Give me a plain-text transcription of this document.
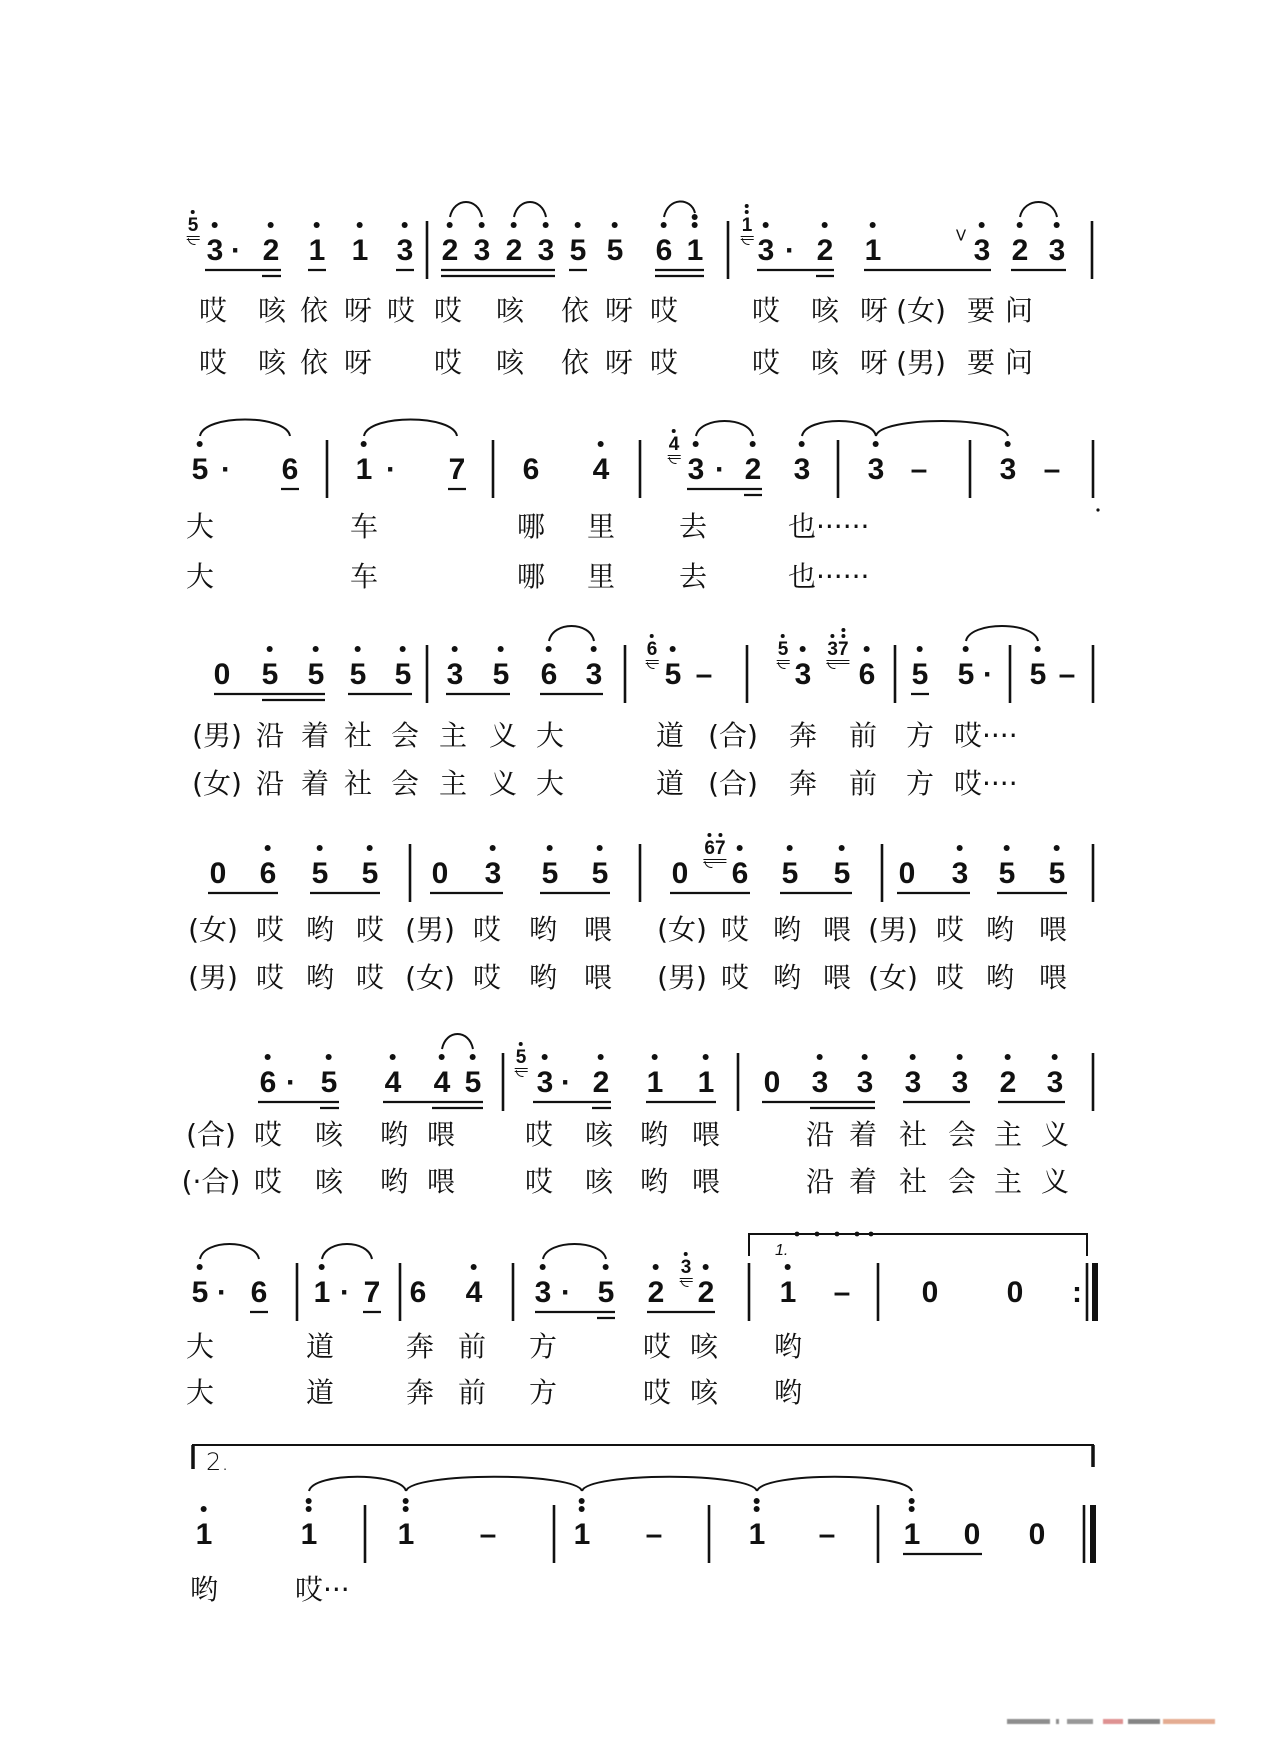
5
3 · 2 1 1 3 2 3 2 3 5 5 6 1
1
3 · 2 1	V 3 2 3
哎 咳 依 呀 哎 哎 咳 依 呀 哎	哎 咳 呀 (女) 要 问
哎 咳 依 呀 哎 咳 依 呀 哎	哎 咳 呀 (男) 要 问
5 · 6 1 · 7 6 4
4
3 · 2 3 3 – 3 –
大	车	哪 里 去	也······
大	车	哪 里 去	也······
0 5 5 5 5 3 5 6 3
6
5 –
5
3
37
6 5 5 · 5 –
(男) 沿 着 社 会 主 义 大	道 (合) 奔 前 方 哎····
(女) 沿 着 社 会 主 义 大	道 (合) 奔 前 方 哎····
0 6 5 5 0 3 5 5 0
67
6 5 5 0 3 5 5
(女) 哎 哟 哎 (男) 哎 哟 喂 (女) 哎 哟 喂 (男) 哎 哟 喂
(男) 哎 哟 哎 (女) 哎 哟 喂 (男) 哎 哟 喂 (女) 哎 哟 喂
6 · 5 4 4 5
5
3 · 2 1 1 0 3 3 3 3 2 3
(合) 哎 咳 哟 喂 哎 咳 哟 喂	沿 着 社 会 主 义
(·合) 哎 咳 哟 喂 哎 咳 哟 喂	沿 着 社 会 主 义
1.
5 · 6 1 · 7 6 4 3 · 5 2
3
2 1 – 0 0 :
大	道	奔 前 方	哎 咳 哟
大	道	奔 前 方	哎 咳 哟
2.
1	1	1 –	1 –	1 – 1 0 0
哟	哎···
